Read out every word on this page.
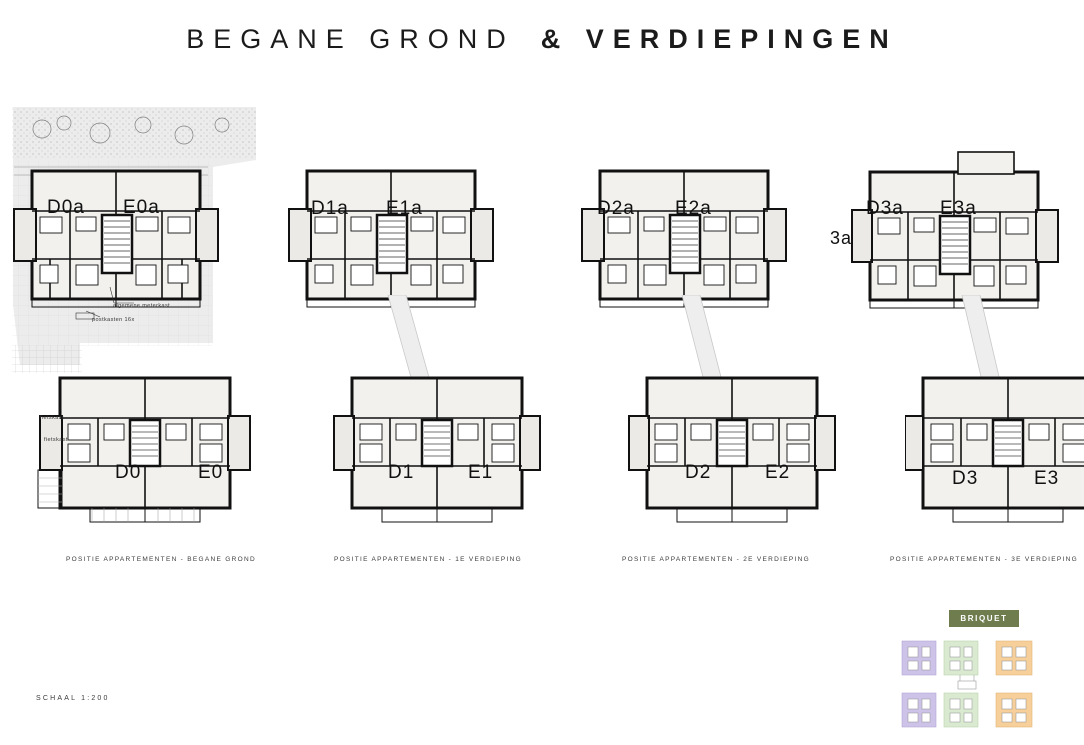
BEGANE GROND & VERDIEPINGEN
D0a E0a
algemene meterkast
postkasten 16x
D0	E0
fietskast
fietskast
POSITIE APPARTEMENTEN - BEGANE GROND
D1a E1a
D1	E1
POSITIE APPARTEMENTEN - 1E VERDIEPING
D2a E2a
D2	E2
POSITIE APPARTEMENTEN - 2E VERDIEPING
D3a E3a
3a
D3	E3
POSITIE APPARTEMENTEN - 3E VERDIEPING
SCHAAL 1:200
BRIQUET
